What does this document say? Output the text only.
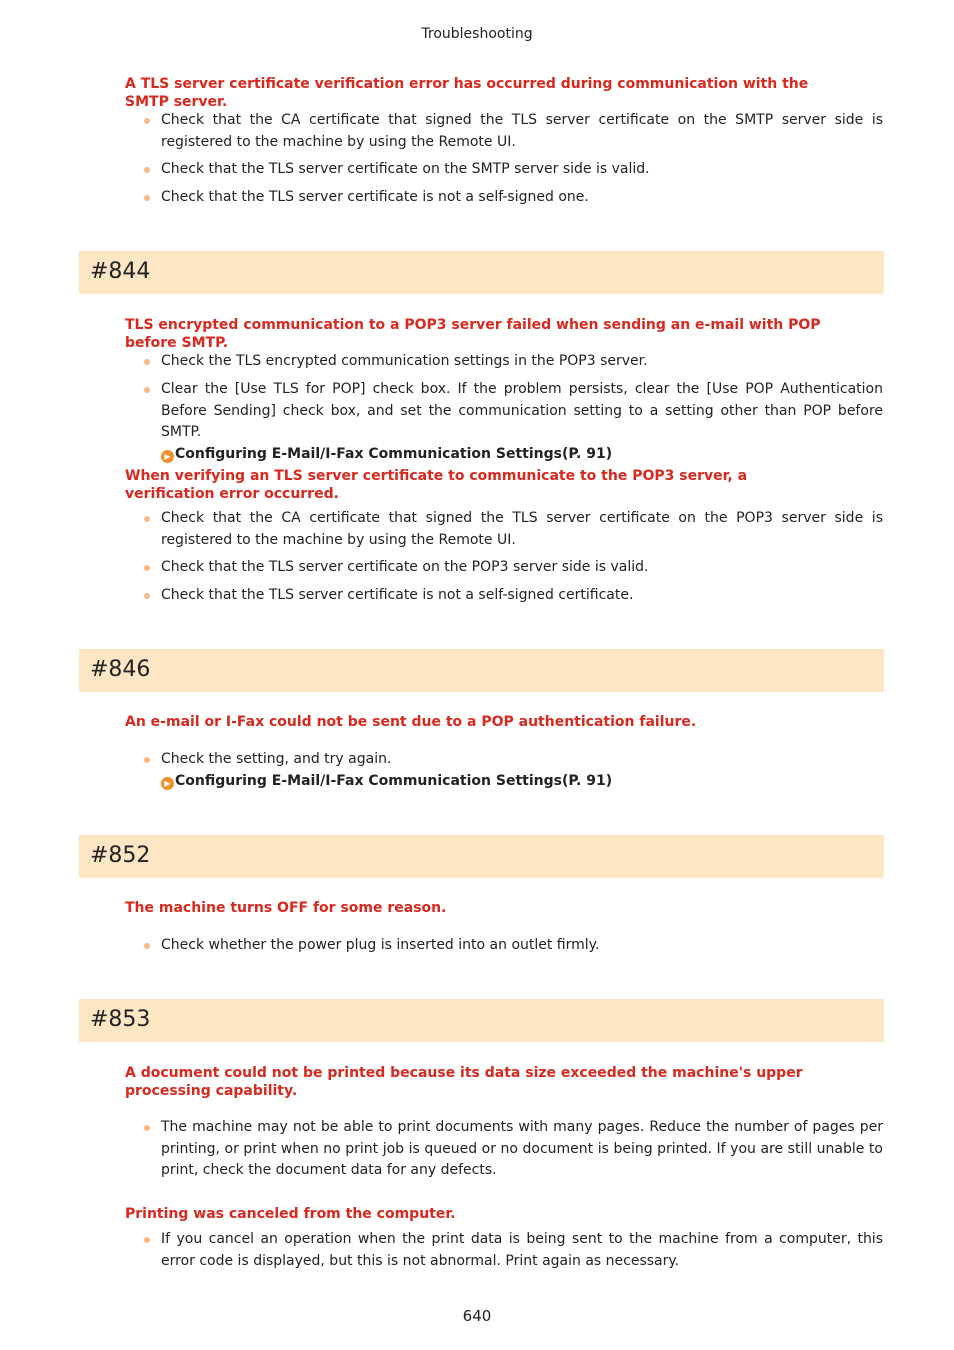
Troubleshooting
A TLS server certificate verification error has occurred during communication with the SMTP server.
Check that the CA certificate that signed the TLS server certificate on the SMTP server side is registered to the machine by using the Remote UI.
Check that the TLS server certificate on the SMTP server side is valid.
Check that the TLS server certificate is not a self-signed one.
#844
TLS encrypted communication to a POP3 server failed when sending an e-mail with POP before SMTP.
Check the TLS encrypted communication settings in the POP3 server.
Clear the [Use TLS for POP] check box. If the problem persists, clear the [Use POP Authentication Before Sending] check box, and set the communication setting to a setting other than POP before SMTP.
▶ Configuring E-Mail/I-Fax Communication Settings(P. 91)
When verifying an TLS server certificate to communicate to the POP3 server, a verification error occurred.
Check that the CA certificate that signed the TLS server certificate on the POP3 server side is registered to the machine by using the Remote UI.
Check that the TLS server certificate on the POP3 server side is valid.
Check that the TLS server certificate is not a self-signed certificate.
#846
An e-mail or I-Fax could not be sent due to a POP authentication failure.
Check the setting, and try again.
▶ Configuring E-Mail/I-Fax Communication Settings(P. 91)
#852
The machine turns OFF for some reason.
Check whether the power plug is inserted into an outlet firmly.
#853
A document could not be printed because its data size exceeded the machine's upper processing capability.
The machine may not be able to print documents with many pages. Reduce the number of pages per printing, or print when no print job is queued or no document is being printed. If you are still unable to print, check the document data for any defects.
Printing was canceled from the computer.
If you cancel an operation when the print data is being sent to the machine from a computer, this error code is displayed, but this is not abnormal. Print again as necessary.
640
